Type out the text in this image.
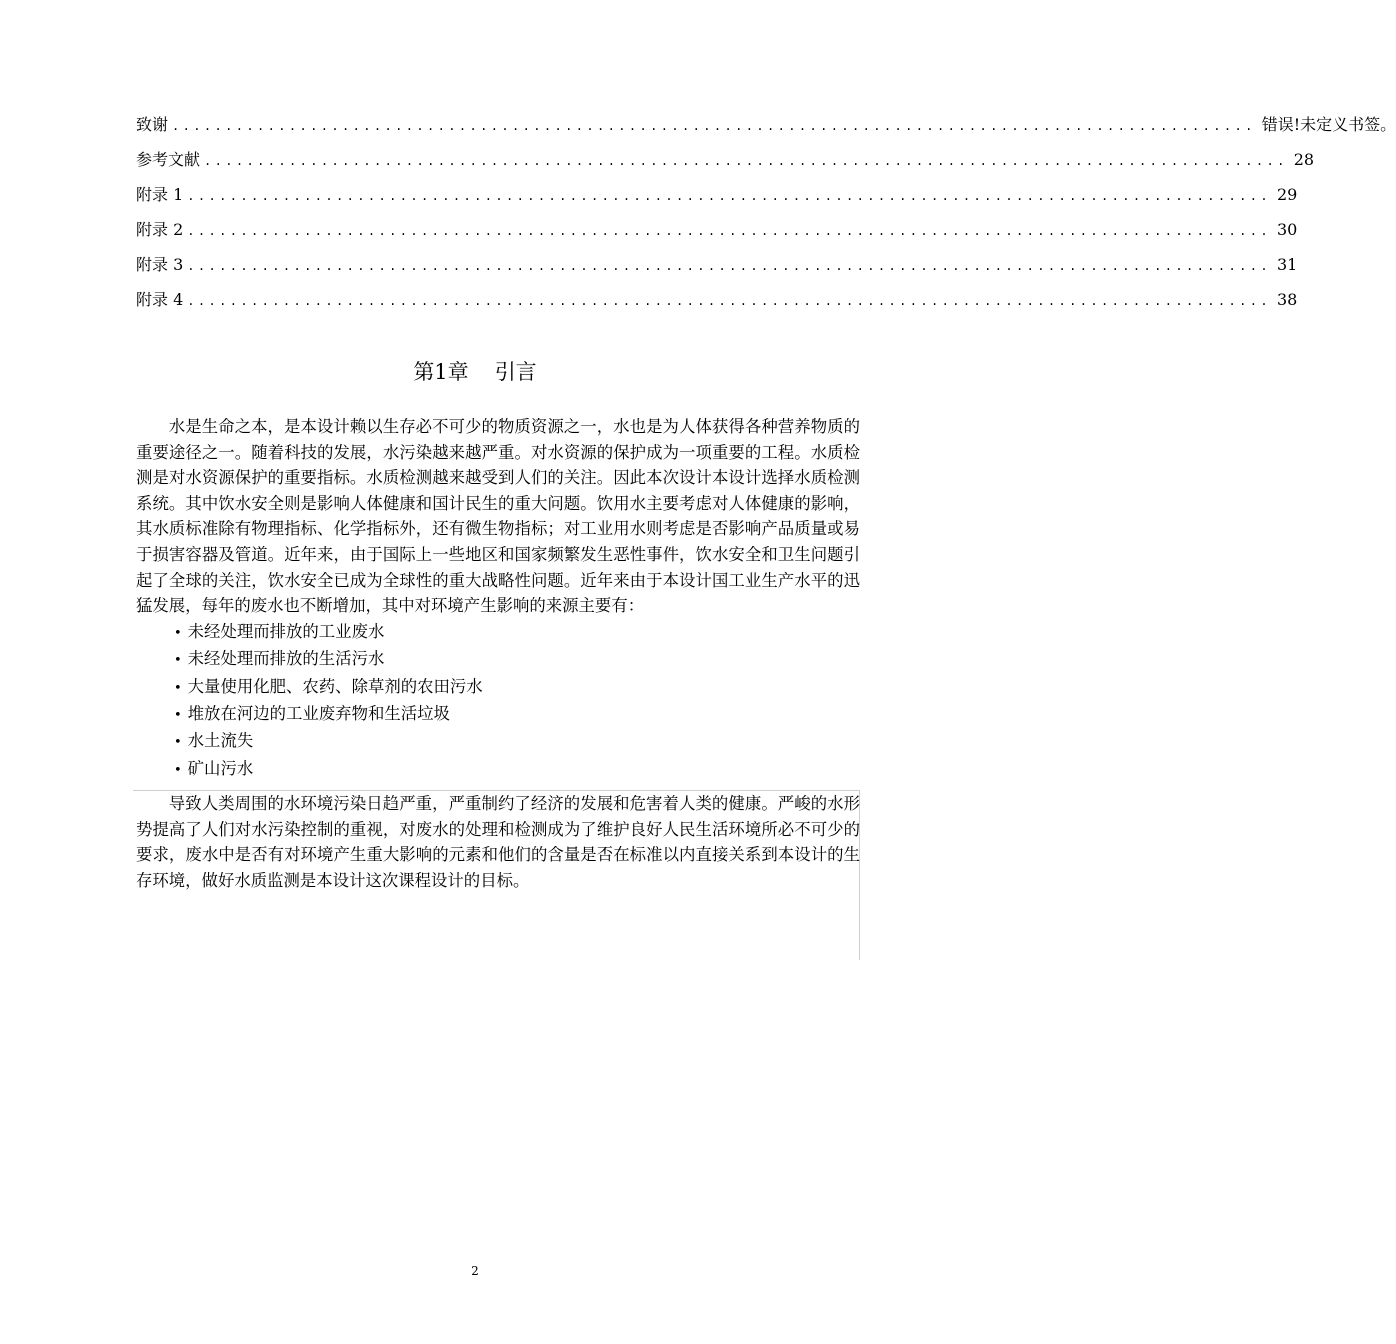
致谢 ...................................................................................................... 错误!未定义书签。
参考文献 ...................................................................................................... 28
附录 1 ...................................................................................................... 29
附录 2 ...................................................................................................... 30
附录 3 ...................................................................................................... 31
附录 4 ...................................................................................................... 38
第1章 引言

水是生命之本，是本设计赖以生存必不可少的物质资源之一，水也是为人体获得各种营养物质的重要途径之一。随着科技的发展，水污染越来越严重。对水资源的保护成为一项重要的工程。水质检测是对水资源保护的重要指标。水质检测越来越受到人们的关注。因此本次设计本设计选择水质检测系统。其中饮水安全则是影响人体健康和国计民生的重大问题。饮用水主要考虑对人体健康的影响，其水质标准除有物理指标、化学指标外，还有微生物指标；对工业用水则考虑是否影响产品质量或易于损害容器及管道。近年来，由于国际上一些地区和国家频繁发生恶性事件，饮水安全和卫生问题引起了全球的关注，饮水安全已成为全球性的重大战略性问题。近年来由于本设计国工业生产水平的迅猛发展，每年的废水也不断增加，其中对环境产生影响的来源主要有：

• 未经处理而排放的工业废水
• 未经处理而排放的生活污水
• 大量使用化肥、农药、除草剂的农田污水
• 堆放在河边的工业废弃物和生活垃圾
• 水土流失
• 矿山污水

导致人类周围的水环境污染日趋严重，严重制约了经济的发展和危害着人类的健康。严峻的水形势提高了人们对水污染控制的重视，对废水的处理和检测成为了维护良好人民生活环境所必不可少的要求，废水中是否有对环境产生重大影响的元素和他们的含量是否在标准以内直接关系到本设计的生存环境，做好水质监测是本设计这次课程设计的目标。

2
